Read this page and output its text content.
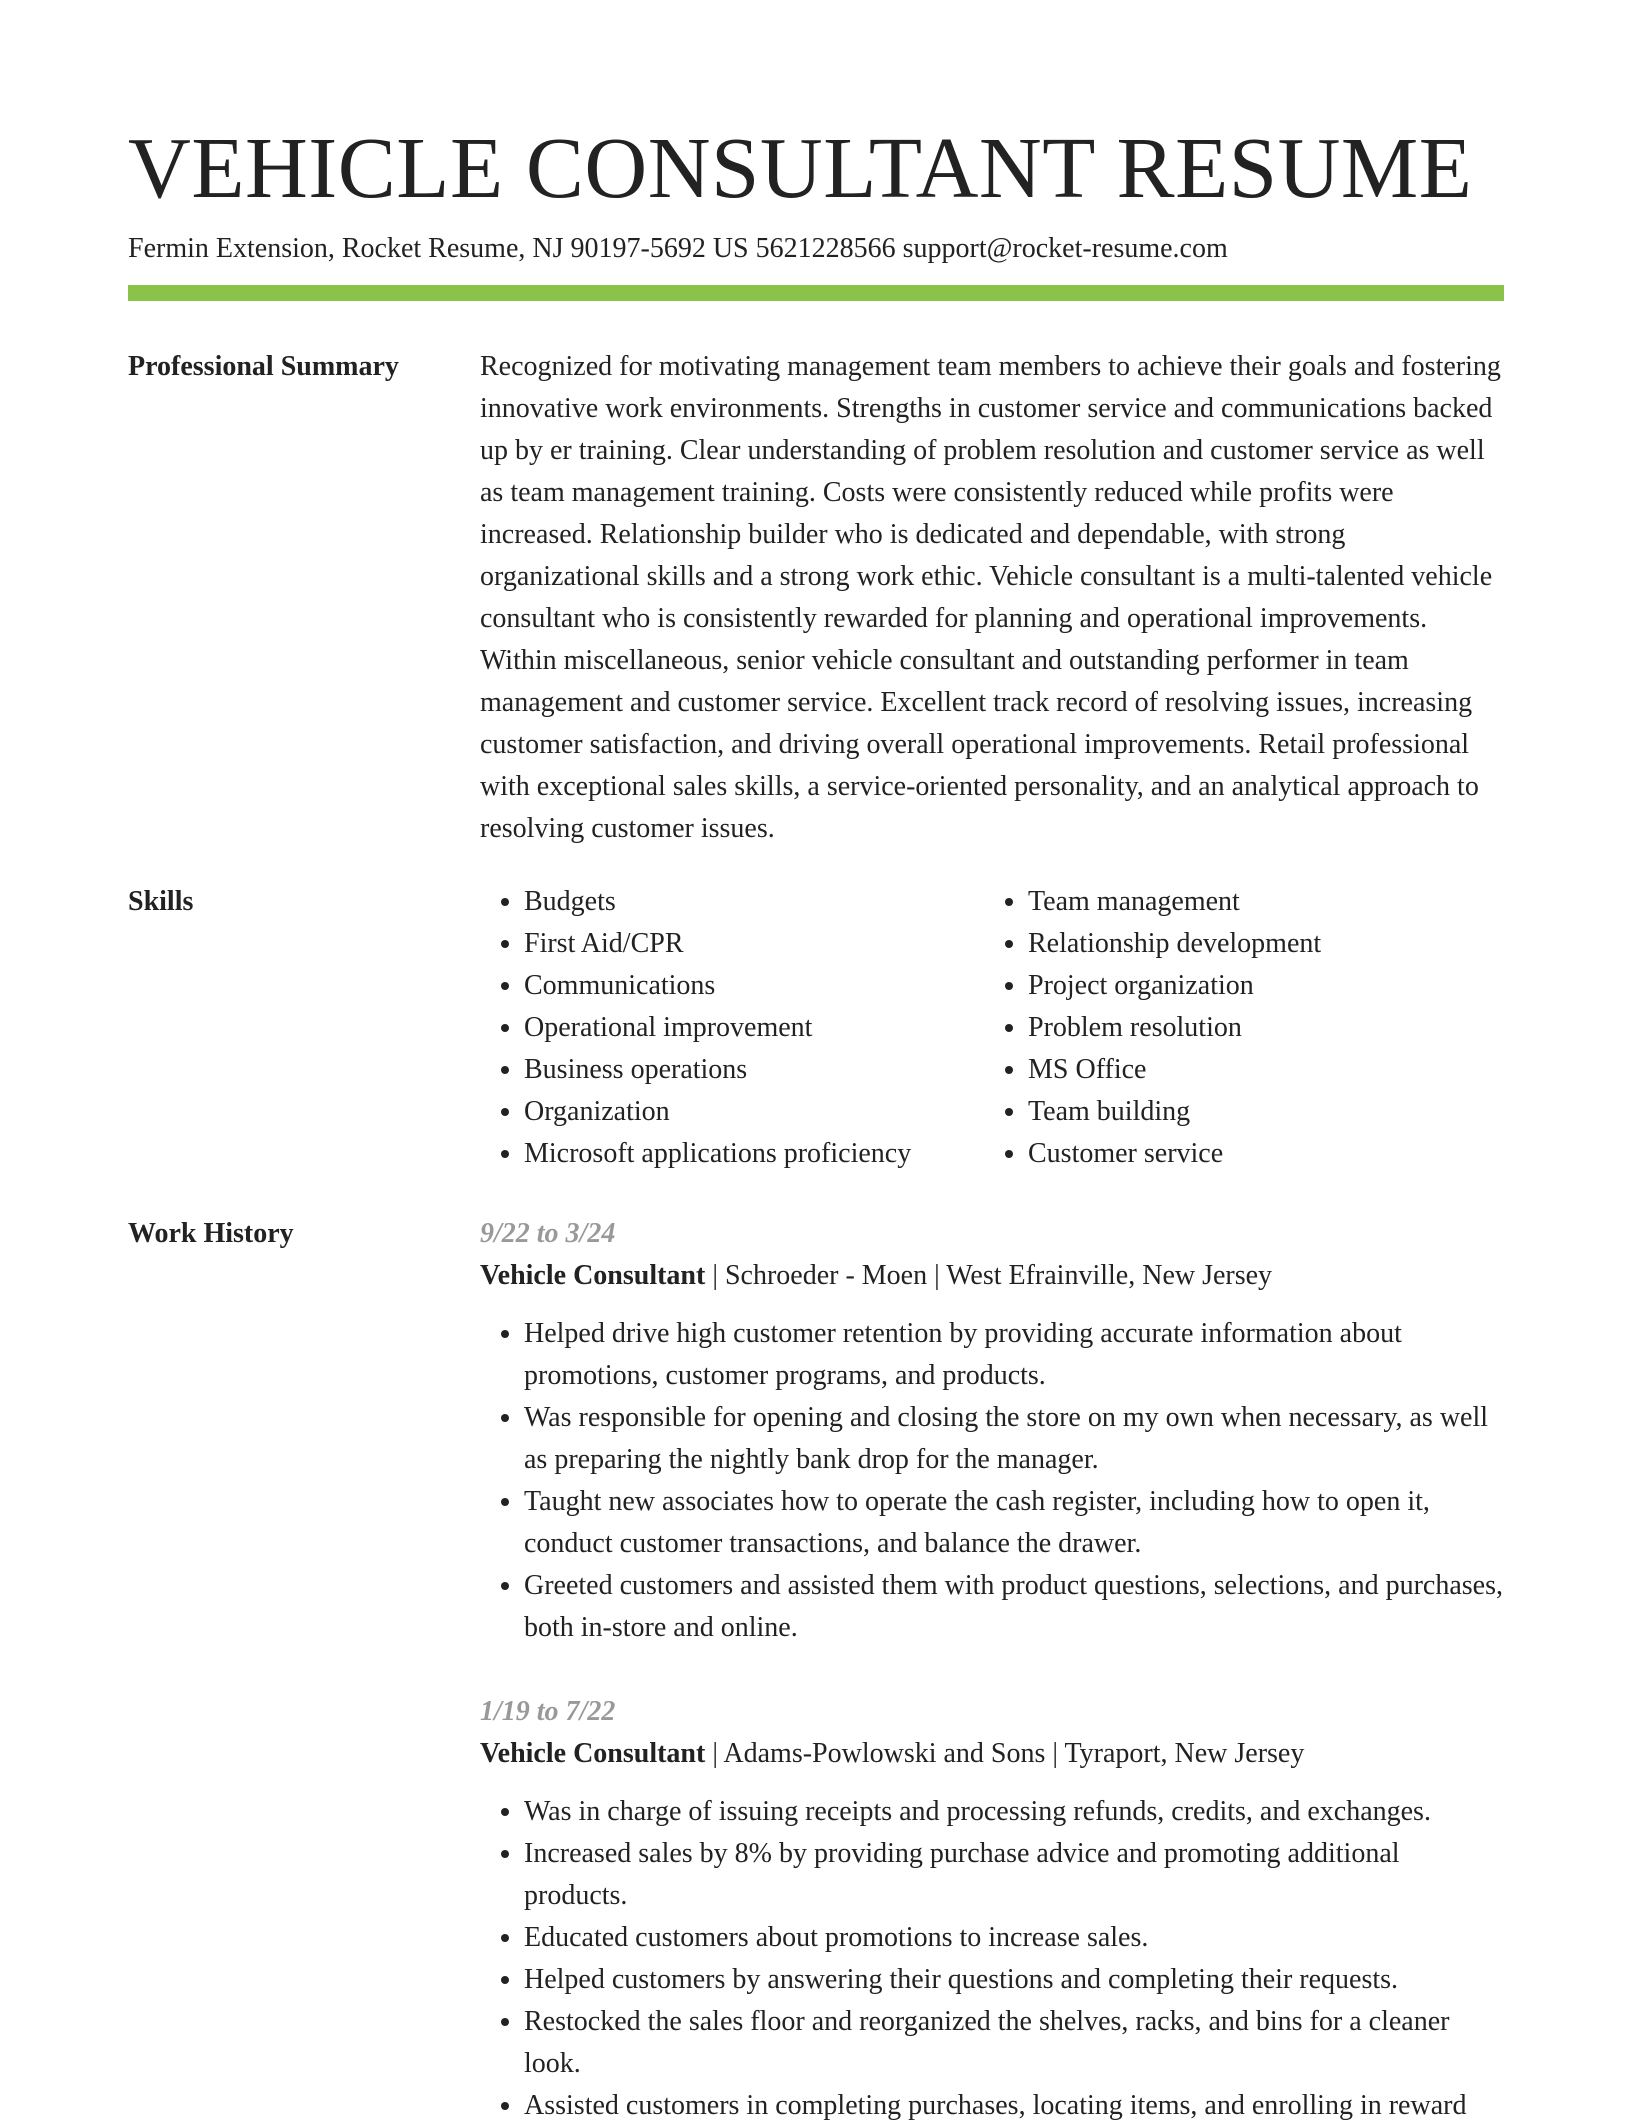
VEHICLE CONSULTANT RESUME
Fermin Extension, Rocket Resume, NJ 90197-5692 US 5621228566 support@rocket-resume.com
Professional Summary	Recognized for motivating management team members to achieve their goals and fostering innovative work environments. Strengths in customer service and communications backed up by er training. Clear understanding of problem resolution and customer service as well as team management training. Costs were consistently reduced while profits were increased. Relationship builder who is dedicated and dependable, with strong organizational skills and a strong work ethic. Vehicle consultant is a multi-talented vehicle consultant who is consistently rewarded for planning and operational improvements. Within miscellaneous, senior vehicle consultant and outstanding performer in team management and customer service. Excellent track record of resolving issues, increasing customer satisfaction, and driving overall operational improvements. Retail professional with exceptional sales skills, a service-oriented personality, and an analytical approach to resolving customer issues.

Skills
•	Budgets
• First Aid/CPR
• Communications
• Operational improvement
• Business operations
• Organization
• Microsoft applications proficiency
• Team management
• Relationship development
• Project organization
• Problem resolution
• MS Office
• Team building
• Customer service
Work History	9/22 to 3/24
Vehicle Consultant | Schroeder - Moen | West Efrainville, New Jersey
• Helped drive high customer retention by providing accurate information about promotions, customer programs, and products.
• Was responsible for opening and closing the store on my own when necessary, as well as preparing the nightly bank drop for the manager.
• Taught new associates how to operate the cash register, including how to open it, conduct customer transactions, and balance the drawer.
• Greeted customers and assisted them with product questions, selections, and purchases, both in-store and online.
1/19 to 7/22
Vehicle Consultant | Adams-Powlowski and Sons | Tyraport, New Jersey
• Was in charge of issuing receipts and processing refunds, credits, and exchanges.
• Increased sales by 8% by providing purchase advice and promoting additional products.
• Educated customers about promotions to increase sales.
• Helped customers by answering their questions and completing their requests.
• Restocked the sales floor and reorganized the shelves, racks, and bins for a cleaner look.
• Assisted customers in completing purchases, locating items, and enrolling in reward
